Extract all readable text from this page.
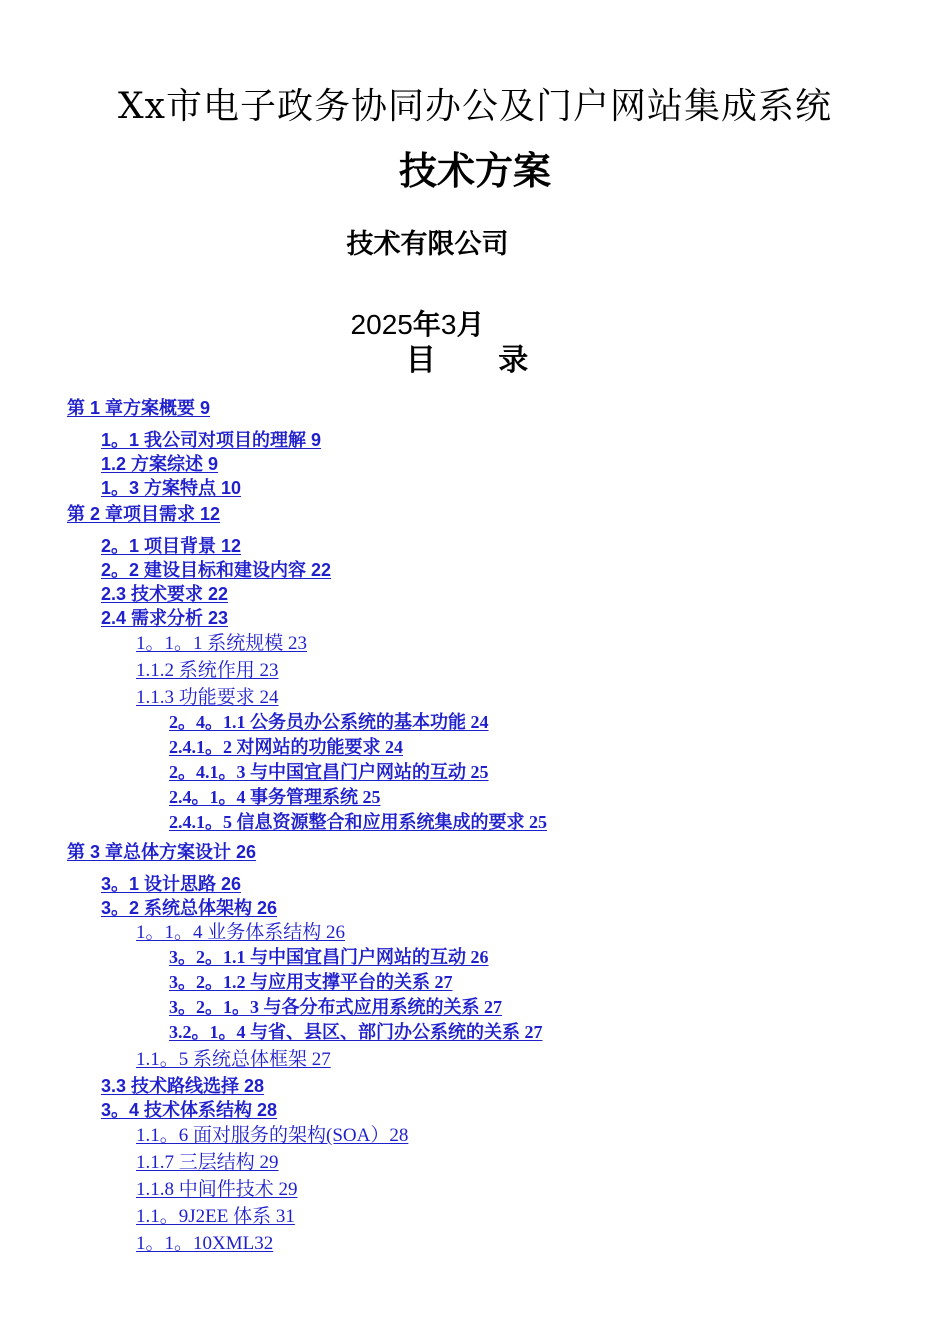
Xx市电子政务协同办公及门户网站集成系统
技术方案
技术有限公司
2025年3月
目 录
第 1 章方案概要 9
1。1 我公司对项目的理解 9
1.2 方案综述 9
1。3 方案特点 10
第 2 章项目需求 12
2。1 项目背景 12
2。2 建设目标和建设内容 22
2.3 技术要求 22
2.4 需求分析 23
1。1。1 系统规模 23
1.1.2 系统作用 23
1.1.3 功能要求 24
2。4。1.1 公务员办公系统的基本功能 24
2.4.1。2 对网站的功能要求 24
2。4.1。3 与中国宜昌门户网站的互动 25
2.4。1。4 事务管理系统 25
2.4.1。5 信息资源整合和应用系统集成的要求 25
第 3 章总体方案设计 26
3。1 设计思路 26
3。2 系统总体架构 26
1。1。4 业务体系结构 26
3。2。1.1 与中国宜昌门户网站的互动 26
3。2。1.2 与应用支撑平台的关系 27
3。2。1。3 与各分布式应用系统的关系 27
3.2。1。4 与省、县区、部门办公系统的关系 27
1.1。5 系统总体框架 27
3.3 技术路线选择 28
3。4 技术体系结构 28
1.1。6 面对服务的架构(SOA）28
1.1.7 三层结构 29
1.1.8 中间件技术 29
1.1。9J2EE 体系 31
1。1。10XML32
